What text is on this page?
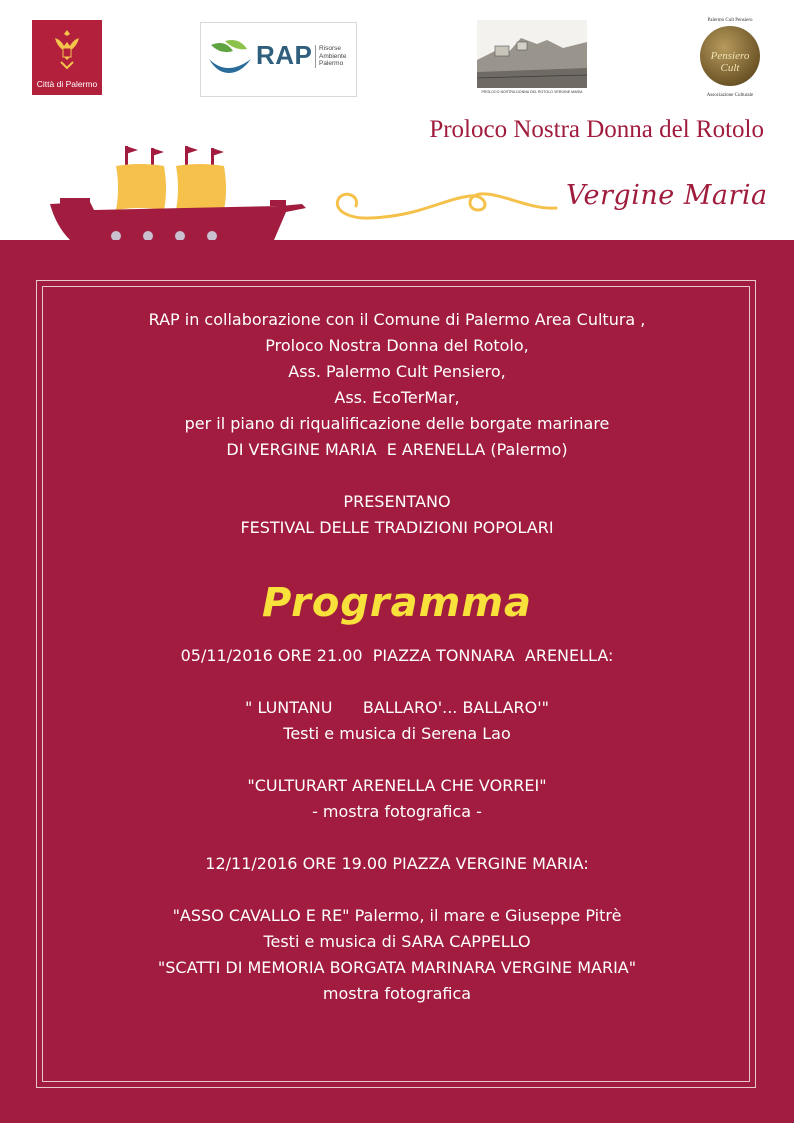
Città di Palermo
RAP Risorse
Ambiente
Palermo
PROLOCO NOSTRA DONNA DEL ROTOLO VERGINE MARIA
Palermo Cult Pensiero
Pensiero Cult
Associazione Culturale
Proloco Nostra Donna del Rotolo
Vergine Maria
RAP in collaborazione con il Comune di Palermo Area Cultura ,
Proloco Nostra Donna del Rotolo,
Ass. Palermo Cult Pensiero,
Ass. EcoTerMar,
per il piano di riqualificazione delle borgate marinare
DI VERGINE MARIA  E ARENELLA (Palermo)
PRESENTANO
FESTIVAL DELLE TRADIZIONI POPOLARI
Programma
05/11/2016 ORE 21.00  PIAZZA TONNARA  ARENELLA:
" LUNTANU      BALLARO'... BALLARO'"
Testi e musica di Serena Lao
"CULTURART ARENELLA CHE VORREI"
- mostra fotografica -
12/11/2016 ORE 19.00 PIAZZA VERGINE MARIA:
"ASSO CAVALLO E RE" Palermo, il mare e Giuseppe Pitrè
Testi e musica di SARA CAPPELLO
"SCATTI DI MEMORIA BORGATA MARINARA VERGINE MARIA"
mostra fotografica
